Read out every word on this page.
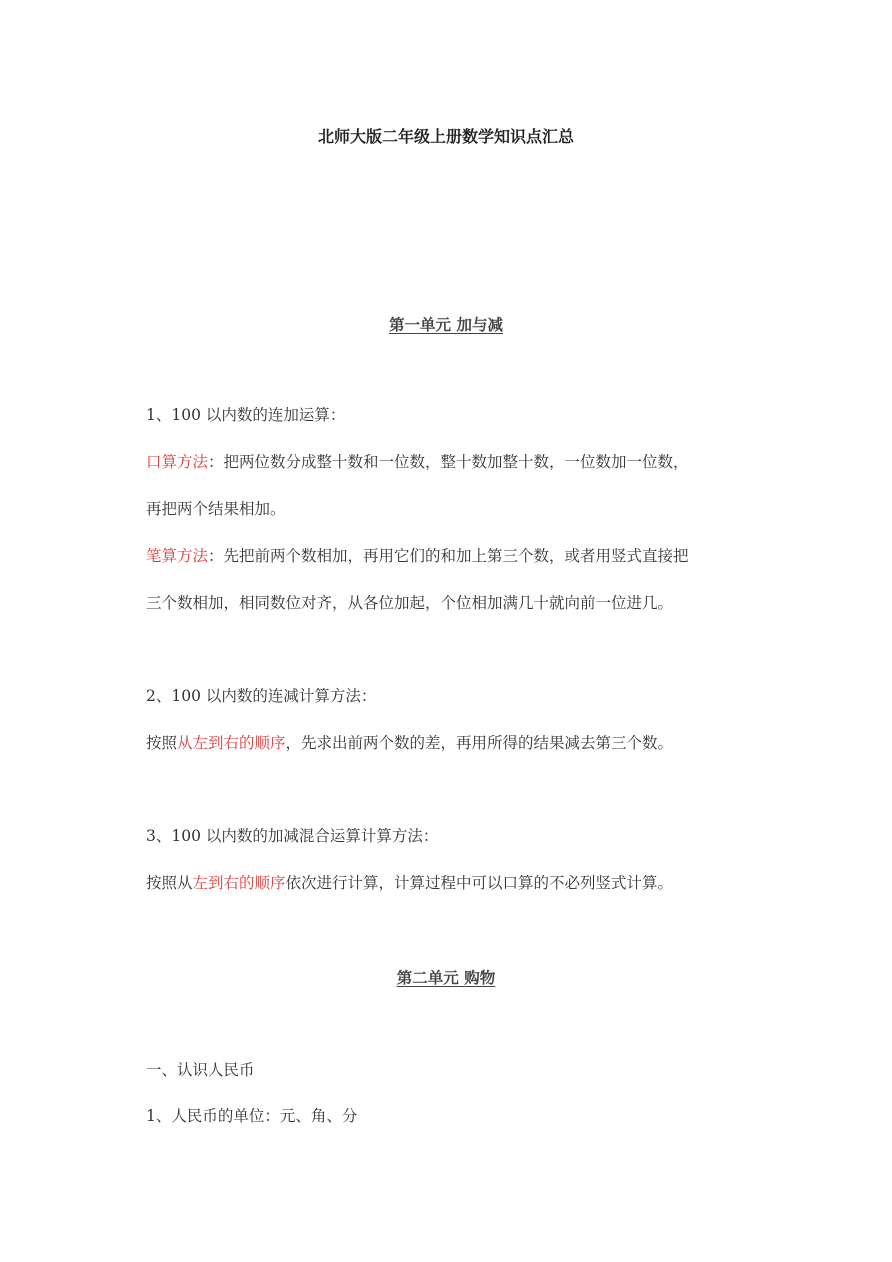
北师大版二年级上册数学知识点汇总
第一单元 加与减
1、100 以内数的连加运算：
口算方法：把两位数分成整十数和一位数，整十数加整十数，一位数加一位数，
再把两个结果相加。
笔算方法：先把前两个数相加，再用它们的和加上第三个数，或者用竖式直接把
三个数相加，相同数位对齐，从各位加起，个位相加满几十就向前一位进几。
2、100 以内数的连减计算方法：
按照从左到右的顺序，先求出前两个数的差，再用所得的结果减去第三个数。
3、100 以内数的加减混合运算计算方法：
按照从左到右的顺序依次进行计算，计算过程中可以口算的不必列竖式计算。
第二单元 购物
一、认识人民币
1、人民币的单位：元、角、分
